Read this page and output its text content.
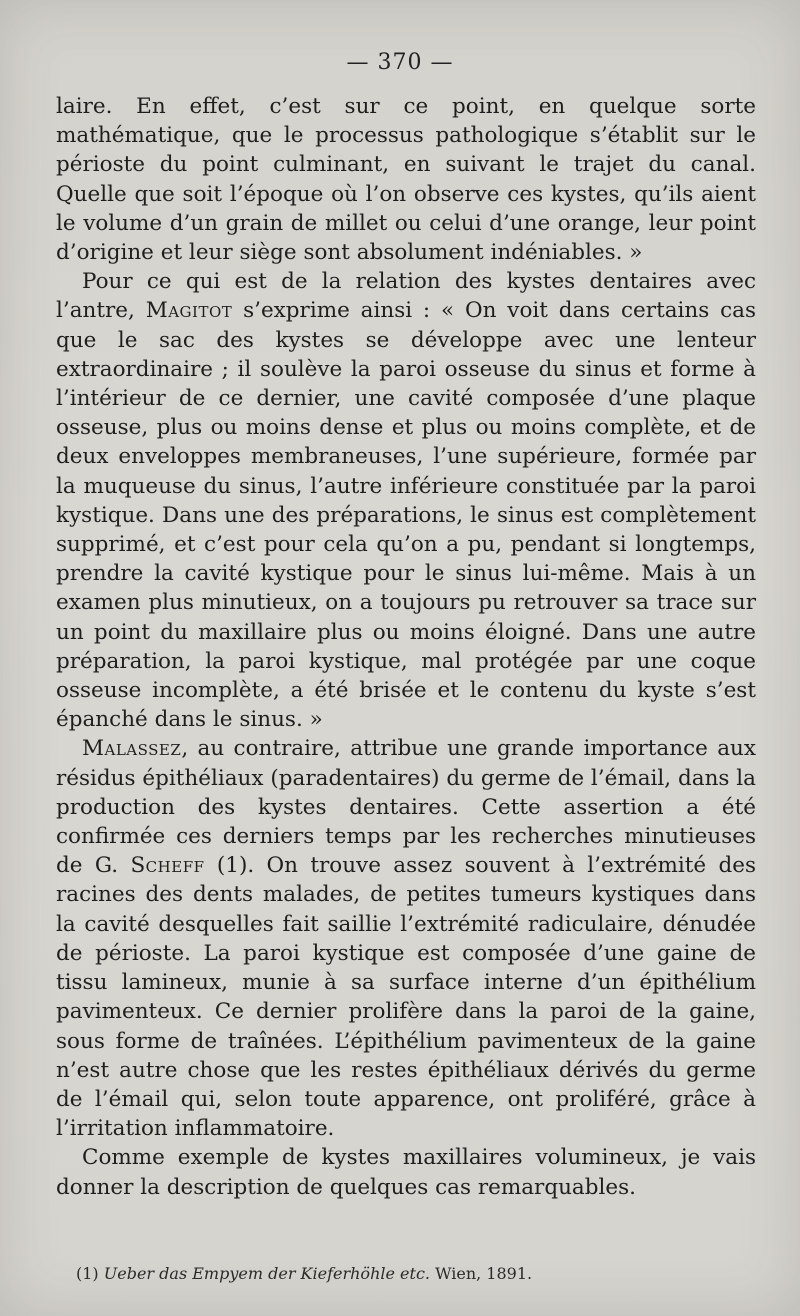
— 370 —

laire. En effet, c’est sur ce point, en quelque sorte mathématique, que le processus pathologique s’établit sur le périoste du point culminant, en suivant le trajet du canal. Quelle que soit l’époque où l’on observe ces kystes, qu’ils aient le volume d’un grain de millet ou celui d’une orange, leur point d’origine et leur siège sont absolument indéniables. »

Pour ce qui est de la relation des kystes dentaires avec l’antre, Magitot s’exprime ainsi : « On voit dans certains cas que le sac des kystes se développe avec une lenteur extraordinaire ; il soulève la paroi osseuse du sinus et forme à l’intérieur de ce dernier, une cavité composée d’une plaque osseuse, plus ou moins dense et plus ou moins complète, et de deux enveloppes membraneuses, l’une supérieure, formée par la muqueuse du sinus, l’autre inférieure constituée par la paroi kystique. Dans une des préparations, le sinus est complètement supprimé, et c’est pour cela qu’on a pu, pendant si longtemps, prendre la cavité kystique pour le sinus lui-même. Mais à un examen plus minutieux, on a toujours pu retrouver sa trace sur un point du maxillaire plus ou moins éloigné. Dans une autre préparation, la paroi kystique, mal protégée par une coque osseuse incomplète, a été brisée et le contenu du kyste s’est épanché dans le sinus. »

Malassez, au contraire, attribue une grande importance aux résidus épithéliaux (paradentaires) du germe de l’émail, dans la production des kystes dentaires. Cette assertion a été confirmée ces derniers temps par les recherches minutieuses de G. Scheff (1). On trouve assez souvent à l’extrémité des racines des dents malades, de petites tumeurs kystiques dans la cavité desquelles fait saillie l’extrémité radiculaire, dénudée de périoste. La paroi kystique est composée d’une gaine de tissu lamineux, munie à sa surface interne d’un épithélium pavimenteux. Ce dernier prolifère dans la paroi de la gaine, sous forme de traînées. L’épithélium pavimenteux de la gaine n’est autre chose que les restes épithéliaux dérivés du germe de l’émail qui, selon toute apparence, ont proliféré, grâce à l’irritation inflammatoire.

Comme exemple de kystes maxillaires volumineux, je vais donner la description de quelques cas remarquables.

(1) Ueber das Empyem der Kieferhöhle etc. Wien, 1891.
